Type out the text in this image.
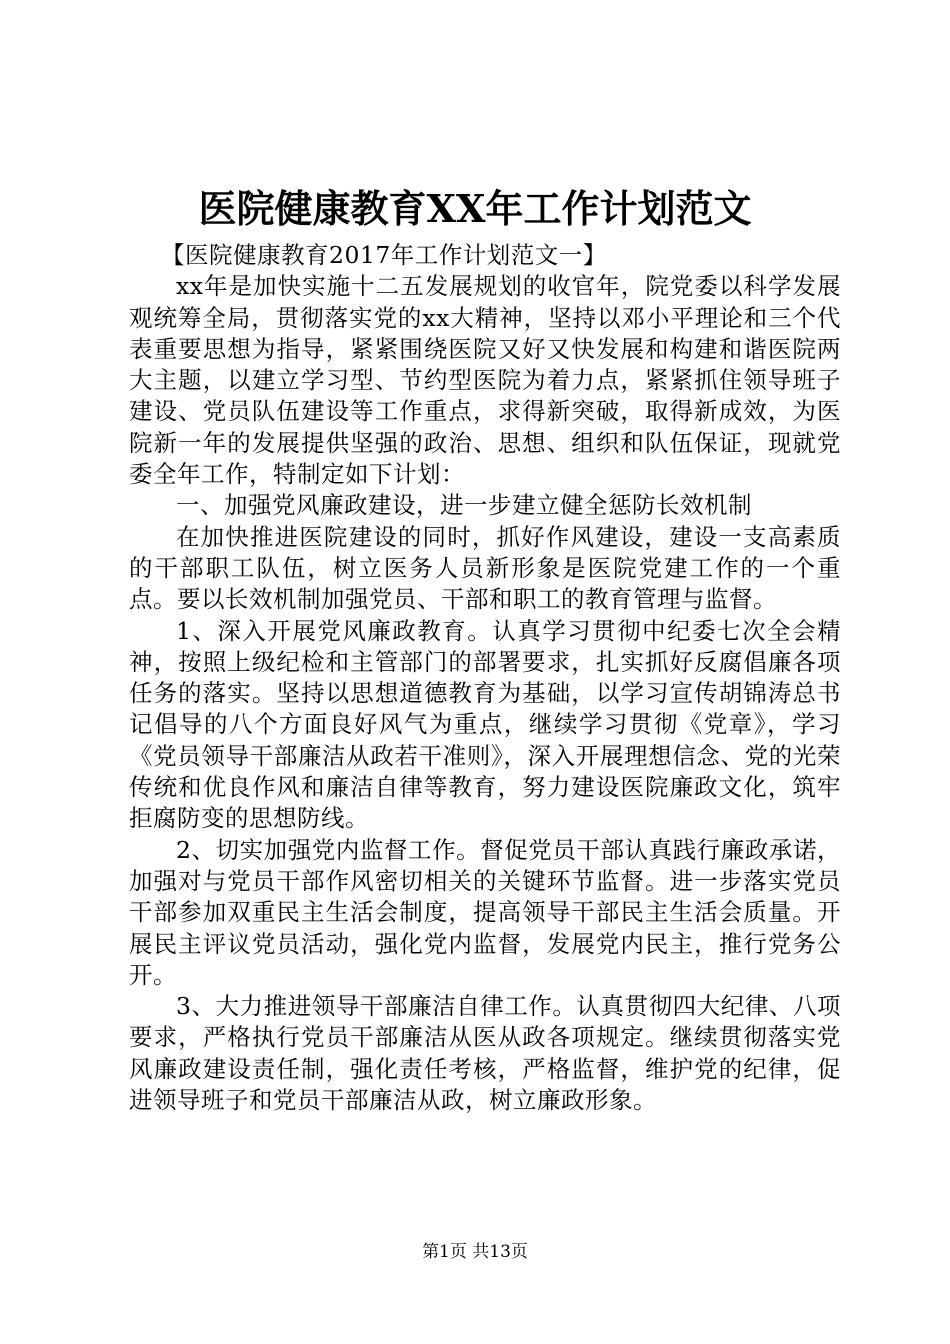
医院健康教育XX年工作计划范文

【医院健康教育2017年工作计划范文一】

xx年是加快实施十二五发展规划的收官年，院党委以科学发展观统筹全局，贯彻落实党的xx大精神，坚持以邓小平理论和三个代表重要思想为指导，紧紧围绕医院又好又快发展和构建和谐医院两大主题，以建立学习型、节约型医院为着力点，紧紧抓住领导班子建设、党员队伍建设等工作重点，求得新突破，取得新成效，为医院新一年的发展提供坚强的政治、思想、组织和队伍保证，现就党委全年工作，特制定如下计划：

一、加强党风廉政建设，进一步建立健全惩防长效机制

在加快推进医院建设的同时，抓好作风建设，建设一支高素质的干部职工队伍，树立医务人员新形象是医院党建工作的一个重点。要以长效机制加强党员、干部和职工的教育管理与监督。

1、深入开展党风廉政教育。认真学习贯彻中纪委七次全会精神，按照上级纪检和主管部门的部署要求，扎实抓好反腐倡廉各项任务的落实。坚持以思想道德教育为基础，以学习宣传胡锦涛总书记倡导的八个方面良好风气为重点，继续学习贯彻《党章》，学习《党员领导干部廉洁从政若干准则》，深入开展理想信念、党的光荣传统和优良作风和廉洁自律等教育，努力建设医院廉政文化，筑牢拒腐防变的思想防线。

2、切实加强党内监督工作。督促党员干部认真践行廉政承诺，加强对与党员干部作风密切相关的关键环节监督。进一步落实党员干部参加双重民主生活会制度，提高领导干部民主生活会质量。开展民主评议党员活动，强化党内监督，发展党内民主，推行党务公开。

3、大力推进领导干部廉洁自律工作。认真贯彻四大纪律、八项要求，严格执行党员干部廉洁从医从政各项规定。继续贯彻落实党风廉政建设责任制，强化责任考核，严格监督，维护党的纪律，促进领导班子和党员干部廉洁从政，树立廉政形象。

第1页 共13页
